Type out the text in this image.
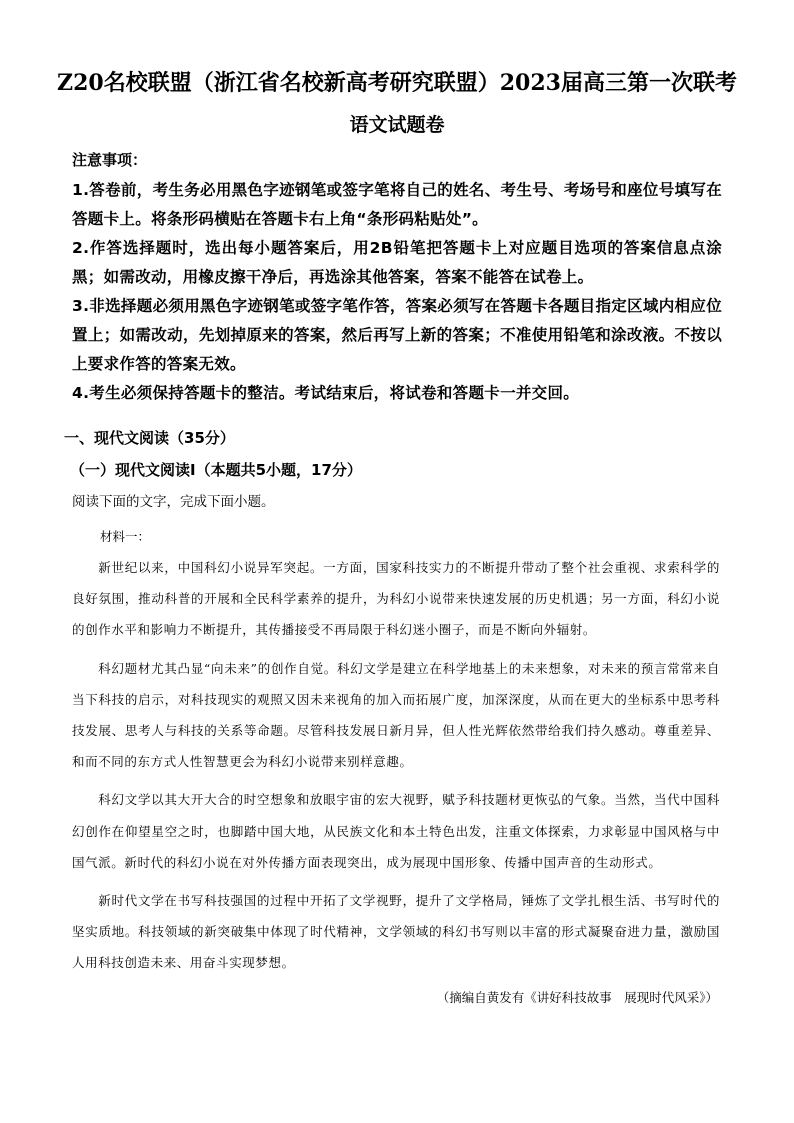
Z20名校联盟（浙江省名校新高考研究联盟）2023届高三第一次联考
语文试题卷
注意事项：
1.答卷前，考生务必用黑色字迹钢笔或签字笔将自己的姓名、考生号、考场号和座位号填写在答题卡上。将条形码横贴在答题卡右上角“条形码粘贴处”。
2.作答选择题时，选出每小题答案后，用2B铅笔把答题卡上对应题目选项的答案信息点涂黑；如需改动，用橡皮擦干净后，再选涂其他答案，答案不能答在试卷上。
3.非选择题必须用黑色字迹钢笔或签字笔作答，答案必须写在答题卡各题目指定区域内相应位置上；如需改动，先划掉原来的答案，然后再写上新的答案；不准使用铅笔和涂改液。不按以上要求作答的答案无效。
4.考生必须保持答题卡的整洁。考试结束后，将试卷和答题卡一并交回。
一、现代文阅读（35分）
（一）现代文阅读Ⅰ（本题共5小题，17分）
阅读下面的文字，完成下面小题。
材料一：

新世纪以来，中国科幻小说异军突起。一方面，国家科技实力的不断提升带动了整个社会重视、求索科学的良好氛围，推动科普的开展和全民科学素养的提升，为科幻小说带来快速发展的历史机遇；另一方面，科幻小说的创作水平和影响力不断提升，其传播接受不再局限于科幻迷小圈子，而是不断向外辐射。

科幻题材尤其凸显“向未来”的创作自觉。科幻文学是建立在科学地基上的未来想象，对未来的预言常常来自当下科技的启示，对科技现实的观照又因未来视角的加入而拓展广度，加深深度，从而在更大的坐标系中思考科技发展、思考人与科技的关系等命题。尽管科技发展日新月异，但人性光辉依然带给我们持久感动。尊重差异、和而不同的东方式人性智慧更会为科幻小说带来别样意趣。

科幻文学以其大开大合的时空想象和放眼宇宙的宏大视野，赋予科技题材更恢弘的气象。当然，当代中国科幻创作在仰望星空之时，也脚踏中国大地，从民族文化和本土特色出发，注重文体探索，力求彰显中国风格与中国气派。新时代的科幻小说在对外传播方面表现突出，成为展现中国形象、传播中国声音的生动形式。

新时代文学在书写科技强国的过程中开拓了文学视野，提升了文学格局，锤炼了文学扎根生活、书写时代的坚实质地。科技领域的新突破集中体现了时代精神，文学领域的科幻书写则以丰富的形式凝聚奋进力量，激励国人用科技创造未来、用奋斗实现梦想。

（摘编自黄发有《讲好科技故事　展现时代风采》）
